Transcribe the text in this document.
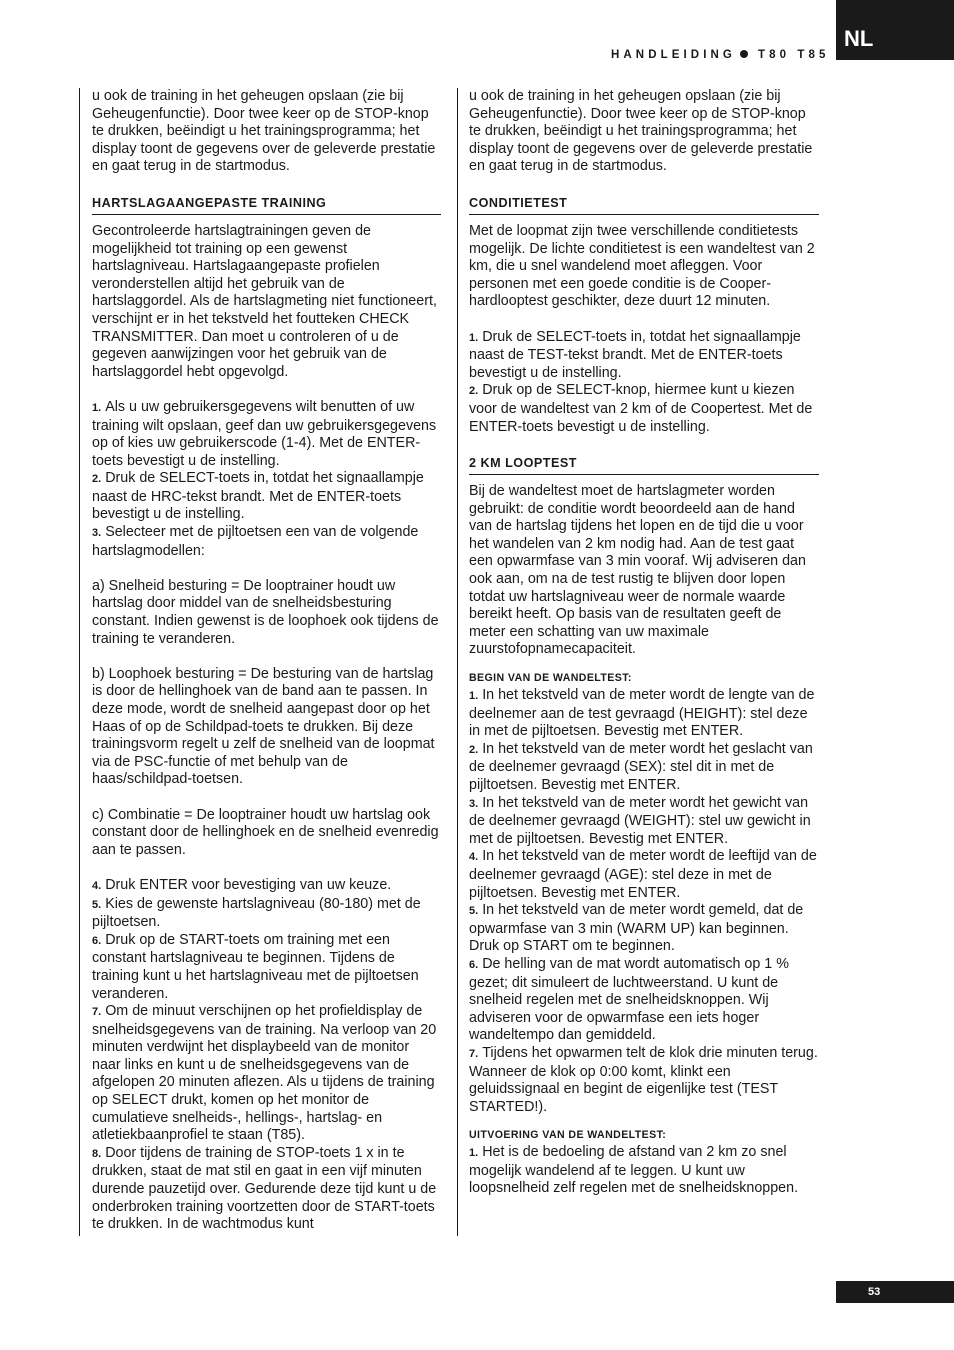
NL
HANDLEIDING T80 T85

u ook de training in het geheugen opslaan (zie bij Geheugenfunctie). Door twee keer op de STOP-knop te drukken, beëindigt u het trainingsprogramma; het display toont de gegevens over de geleverde prestatie en gaat terug in de startmodus.

HARTSLAGAANGEPASTE TRAINING

Gecontroleerde hartslagtrainingen geven de mogelijkheid tot training op een gewenst hartslagniveau. Hartslagaangepaste profielen veronderstellen altijd het gebruik van de hartslaggordel. Als de hartslagmeting niet functioneert, verschijnt er in het tekstveld het foutteken CHECK TRANSMITTER. Dan moet u controleren of u de gegeven aanwijzingen voor het gebruik van de hartslaggordel hebt opgevolgd.

1. Als u uw gebruikersgegevens wilt benutten of uw training wilt opslaan, geef dan uw gebruikersgegevens op of kies uw gebruikerscode (1-4). Met de ENTER-toets bevestigt u de instelling.

2. Druk de SELECT-toets in, totdat het signaallampje naast de HRC-tekst brandt. Met de ENTER-toets bevestigt u de instelling.

3. Selecteer met de pijltoetsen een van de volgende hartslagmodellen:

a) Snelheid besturing = De looptrainer houdt uw hartslag door middel van de snelheidsbesturing constant. Indien gewenst is de loophoek ook tijdens de training te veranderen.

b) Loophoek besturing = De besturing van de hartslag is door de hellinghoek van de band aan te passen. In deze mode, wordt de snelheid aangepast door op het Haas of op de Schildpad-toets te drukken. Bij deze trainingsvorm regelt u zelf de snelheid van de loopmat via de PSC-functie of met behulp van de haas/schildpad-toetsen.

c) Combinatie = De looptrainer houdt uw hartslag ook constant door de hellinghoek en de snelheid evenredig aan te passen.

4. Druk ENTER voor bevestiging van uw keuze.

5. Kies de gewenste hartslagniveau (80-180) met de pijltoetsen.

6. Druk op de START-toets om training met een constant hartslagniveau te beginnen. Tijdens de training kunt u het hartslagniveau met de pijltoetsen veranderen.

7. Om de minuut verschijnen op het profieldisplay de snelheidsgegevens van de training. Na verloop van 20 minuten verdwijnt het displaybeeld van de monitor naar links en kunt u de snelheidsgegevens van de afgelopen 20 minuten aflezen. Als u tijdens de training op SELECT drukt, komen op het monitor de cumulatieve snelheids-, hellings-, hartslag- en atletiekbaanprofiel te staan (T85).

8. Door tijdens de training de STOP-toets 1 x in te drukken, staat de mat stil en gaat in een vijf minuten durende pauzetijd over. Gedurende deze tijd kunt u de onderbroken training voortzetten door de START-toets te drukken. In de wachtmodus kunt

u ook de training in het geheugen opslaan (zie bij Geheugenfunctie). Door twee keer op de STOP-knop te drukken, beëindigt u het trainingsprogramma; het display toont de gegevens over de geleverde prestatie en gaat terug in de startmodus.

CONDITIETEST

Met de loopmat zijn twee verschillende conditietests mogelijk. De lichte conditietest is een wandeltest van 2 km, die u snel wandelend moet afleggen. Voor personen met een goede conditie is de Cooper-hardlooptest geschikter, deze duurt 12 minuten.

1. Druk de SELECT-toets in, totdat het signaallampje naast de TEST-tekst brandt. Met de ENTER-toets bevestigt u de instelling.

2. Druk op de SELECT-knop, hiermee kunt u kiezen voor de wandeltest van 2 km of de Coopertest. Met de ENTER-toets bevestigt u de instelling.

2 KM LOOPTEST

Bij de wandeltest moet de hartslagmeter worden gebruikt: de conditie wordt beoordeeld aan de hand van de hartslag tijdens het lopen en de tijd die u voor het wandelen van 2 km nodig had. Aan de test gaat een opwarmfase van 3 min vooraf. Wij adviseren dan ook aan, om na de test rustig te blijven door lopen totdat uw hartslagniveau weer de normale waarde bereikt heeft. Op basis van de resultaten geeft de meter een schatting van uw maximale zuurstofopnamecapaciteit.

BEGIN VAN DE WANDELTEST:

1. In het tekstveld van de meter wordt de lengte van de deelnemer aan de test gevraagd (HEIGHT): stel deze in met de pijltoetsen. Bevestig met ENTER.

2. In het tekstveld van de meter wordt het geslacht van de deelnemer gevraagd (SEX): stel dit in met de pijltoetsen. Bevestig met ENTER.

3. In het tekstveld van de meter wordt het gewicht van de deelnemer gevraagd (WEIGHT): stel uw gewicht in met de pijltoetsen. Bevestig met ENTER.

4. In het tekstveld van de meter wordt de leeftijd van de deelnemer gevraagd (AGE): stel deze in met de pijltoetsen. Bevestig met ENTER.

5. In het tekstveld van de meter wordt gemeld, dat de opwarmfase van 3 min (WARM UP) kan beginnen. Druk op START om te beginnen.

6. De helling van de mat wordt automatisch op 1 % gezet; dit simuleert de luchtweerstand. U kunt de snelheid regelen met de snelheidsknoppen. Wij adviseren voor de opwarmfase een iets hoger wandeltempo dan gemiddeld.

7. Tijdens het opwarmen telt de klok drie minuten terug. Wanneer de klok op 0:00 komt, klinkt een geluidssignaal en begint de eigenlijke test (TEST STARTED!).

UITVOERING VAN DE WANDELTEST:

1. Het is de bedoeling de afstand van 2 km zo snel mogelijk wandelend af te leggen. U kunt uw loopsnelheid zelf regelen met de snelheidsknoppen.

53
